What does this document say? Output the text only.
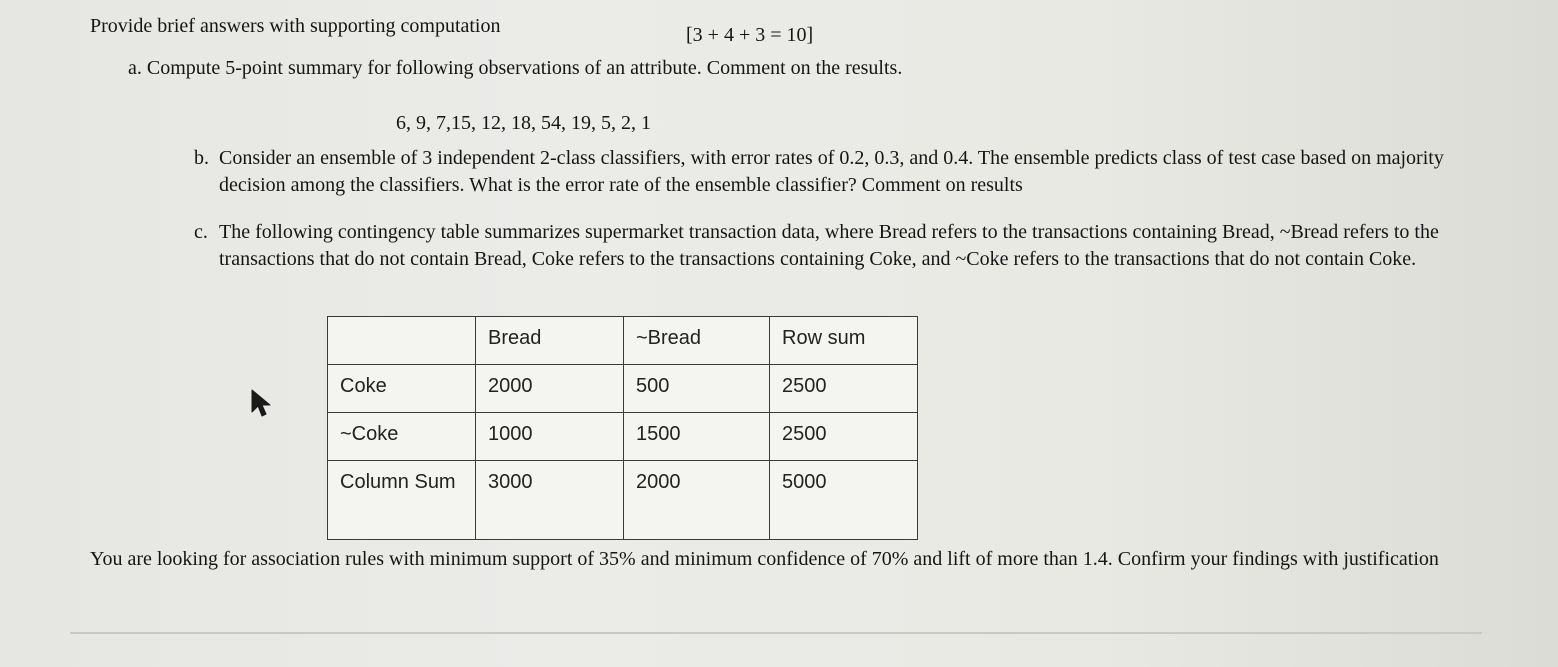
Provide brief answers with supporting computation	[3 + 4 + 3 = 10]
a. Compute 5-point summary for following observations of an attribute. Comment on the results.
6, 9, 7,15, 12, 18, 54, 19, 5, 2, 1
b. Consider an ensemble of 3 independent 2-class classifiers, with error rates of 0.2, 0.3, and 0.4. The ensemble predicts class of test case based on majority decision among the classifiers. What is the error rate of the ensemble classifier? Comment on results
c. The following contingency table summarizes supermarket transaction data, where Bread refers to the transactions containing Bread, ~Bread refers to the transactions that do not contain Bread, Coke refers to the transactions containing Coke, and ~Coke refers to the transactions that do not contain Coke.
	Bread	~Bread	Row sum
Coke	2000	500	2500
~Coke	1000	1500	2500
Column Sum	3000	2000	5000
You are looking for association rules with minimum support of 35% and minimum confidence of 70% and lift of more than 1.4. Confirm your findings with justification
